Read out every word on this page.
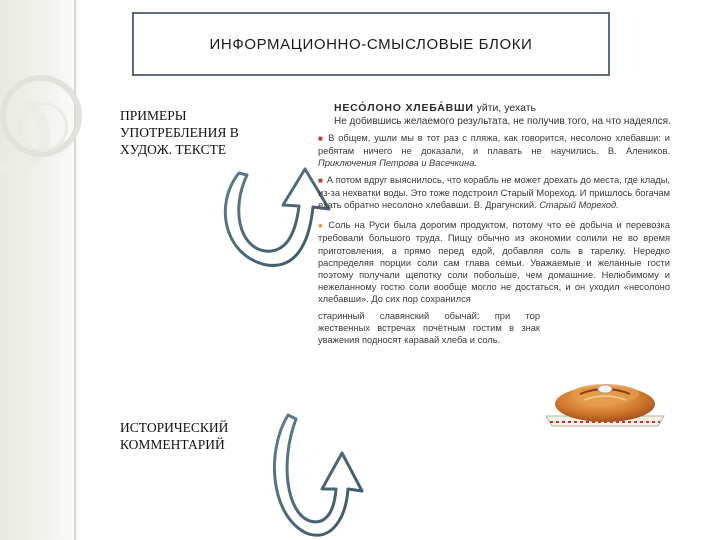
ИНФОРМАЦИОННО-СМЫСЛОВЫЕ БЛОКИ
ПРИМЕРЫ УПОТРЕБЛЕНИЯ В ХУДОЖ. ТЕКСТЕ
ИСТОРИЧЕСКИЙ КОММЕНТАРИЙ
НЕСО́ЛОНО ХЛЕБА́ВШИ уйти, уехать
Не добившись желаемого результата, не получив того, на что надеялся.
■ В общем, ушли мы в тот раз с пляжа, как говорится, несолоно хлебавши: и ребятам ничего не доказали, и плавать не научились. В. Алеников. Приключения Петрова и Васечкина.
■ А потом вдруг выяснилось, что корабль не может доехать до места, где клады, из-за нехватки воды. Это тоже подстроил Старый Мореход. И пришлось богачам ехать обратно несолоно хлебавши. В. Драгунский. Старый Мореход.
● Соль на Руси была дорогим продуктом, потому что её добыча и перевозка требовали большого труда. Пищу обычно из экономии солили не во время приготовления, а прямо перед едой, добавляя соль в тарелку. Нередко распределяя порции соли сам глава семьи. Уважаемые и желанные гости поэтому получали щепотку соли побольше, чем домашние. Нелюбимому и нежеланному гостю соли вообще могло не достаться, и он уходил «несолоно хлебавши». До сих пор сохранился
старинный славянский обычай: при тор жественных встречах почётным гостим в знак уважения подносят каравай хлеба и соль.
